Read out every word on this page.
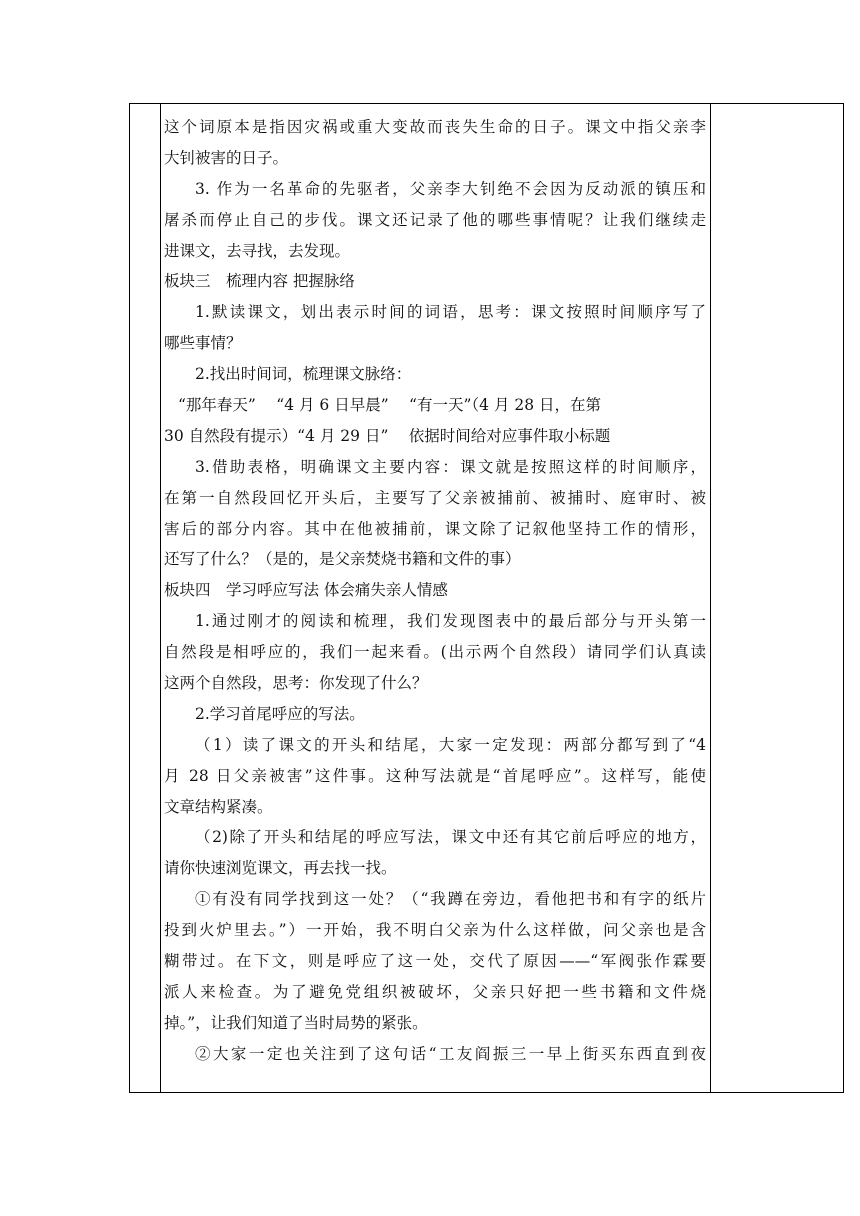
这个词原本是指因灾祸或重大变故而丧失生命的日子。课文中指父亲李
大钊被害的日子。
3. 作为一名革命的先驱者，父亲李大钊绝不会因为反动派的镇压和
屠杀而停止自己的步伐。课文还记录了他的哪些事情呢？让我们继续走
进课文，去寻找，去发现。
板块三　梳理内容 把握脉络
1.默读课文，划出表示时间的词语，思考：课文按照时间顺序写了
哪些事情？
2.找出时间词，梳理课文脉络：
“那年春天”　 “4 月 6 日早晨”　 “有一天”（4 月 28 日，在第
30 自然段有提示）“4 月 29 日”　 依据时间给对应事件取小标题
3.借助表格，明确课文主要内容：课文就是按照这样的时间顺序，
在第一自然段回忆开头后，主要写了父亲被捕前、被捕时、庭审时、被
害后的部分内容。其中在他被捕前，课文除了记叙他坚持工作的情形，
还写了什么？（是的，是父亲焚烧书籍和文件的事）
板块四　学习呼应写法 体会痛失亲人情感
1.通过刚才的阅读和梳理，我们发现图表中的最后部分与开头第一
自然段是相呼应的，我们一起来看。(出示两个自然段）请同学们认真读
这两个自然段，思考：你发现了什么？
2.学习首尾呼应的写法。
（1）读了课文的开头和结尾，大家一定发现：两部分都写到了“4
月 28 日父亲被害”这件事。这种写法就是“首尾呼应”。这样写，能使
文章结构紧凑。
（2)除了开头和结尾的呼应写法，课文中还有其它前后呼应的地方，
请你快速浏览课文，再去找一找。
①有没有同学找到这一处？（“我蹲在旁边，看他把书和有字的纸片
投到火炉里去。”）一开始，我不明白父亲为什么这样做，问父亲也是含
糊带过。在下文，则是呼应了这一处，交代了原因——“军阀张作霖要
派人来检查。为了避免党组织被破坏，父亲只好把一些书籍和文件烧
掉。”，让我们知道了当时局势的紧张。
②大家一定也关注到了这句话“工友阎振三一早上街买东西直到夜
